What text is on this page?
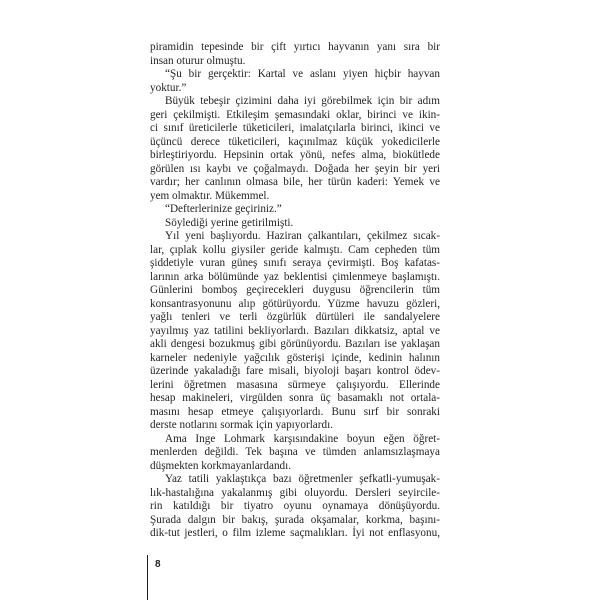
piramidin tepesinde bir çift yırtıcı hayvanın yanı sıra bir
insan oturur olmuştu.
“Şu bir gerçektir: Kartal ve aslanı yiyen hiçbir hayvan
yoktur.”
Büyük tebeşir çizimini daha iyi görebilmek için bir adım
geri çekilmişti. Etkileşim şemasındaki oklar, birinci ve ikin-
ci sınıf üreticilerle tüketicileri, imalatçılarla birinci, ikinci ve
üçüncü derece tüketicileri, kaçınılmaz küçük yokedicilerle
birleştiriyordu. Hepsinin ortak yönü, nefes alma, biokütlede
görülen ısı kaybı ve çoğalmaydı. Doğada her şeyin bir yeri
vardır; her canlının olmasa bile, her türün kaderi: Yemek ve
yem olmaktır. Mükemmel.
“Defterlerinize geçiriniz.”
Söylediği yerine getirilmişti.
Yıl yeni başlıyordu. Haziran çalkantıları, çekilmez sıcak-
lar, çıplak kollu giysiler geride kalmıştı. Cam cepheden tüm
şiddetiyle vuran güneş sınıfı seraya çevirmişti. Boş kafatas-
larının arka bölümünde yaz beklentisi çimlenmeye başlamıştı.
Günlerini bomboş geçirecekleri duygusu öğrencilerin tüm
konsantrasyonunu alıp götürüyordu. Yüzme havuzu gözleri,
yağlı tenleri ve terli özgürlük dürtüleri ile sandalyelere
yayılmış yaz tatilini bekliyorlardı. Bazıları dikkatsiz, aptal ve
akli dengesi bozukmuş gibi görünüyordu. Bazıları ise yaklaşan
karneler nedeniyle yağcılık gösterişi içinde, kedinin halının
üzerinde yakaladığı fare misali, biyoloji başarı kontrol ödev-
lerini öğretmen masasına sürmeye çalışıyordu. Ellerinde
hesap makineleri, virgülden sonra üç basamaklı not ortala-
masını hesap etmeye çalışıyorlardı. Bunu sırf bir sonraki
derste notlarını sormak için yapıyorlardı.
Ama Inge Lohmark karşısındakine boyun eğen öğret-
menlerden değildi. Tek başına ve tümden anlamsızlaşmaya
düşmekten korkmayanlardandı.
Yaz tatili yaklaştıkça bazı öğretmenler şefkatli-yumuşak-
lık-hastalığına yakalanmış gibi oluyordu. Dersleri seyircile-
rin katıldığı bir tiyatro oyunu oynamaya dönüşüyordu.
Şurada dalgın bir bakış, şurada okşamalar, korkma, başını-
dik-tut jestleri, o film izleme saçmalıkları. İyi not enflasyonu,
8
